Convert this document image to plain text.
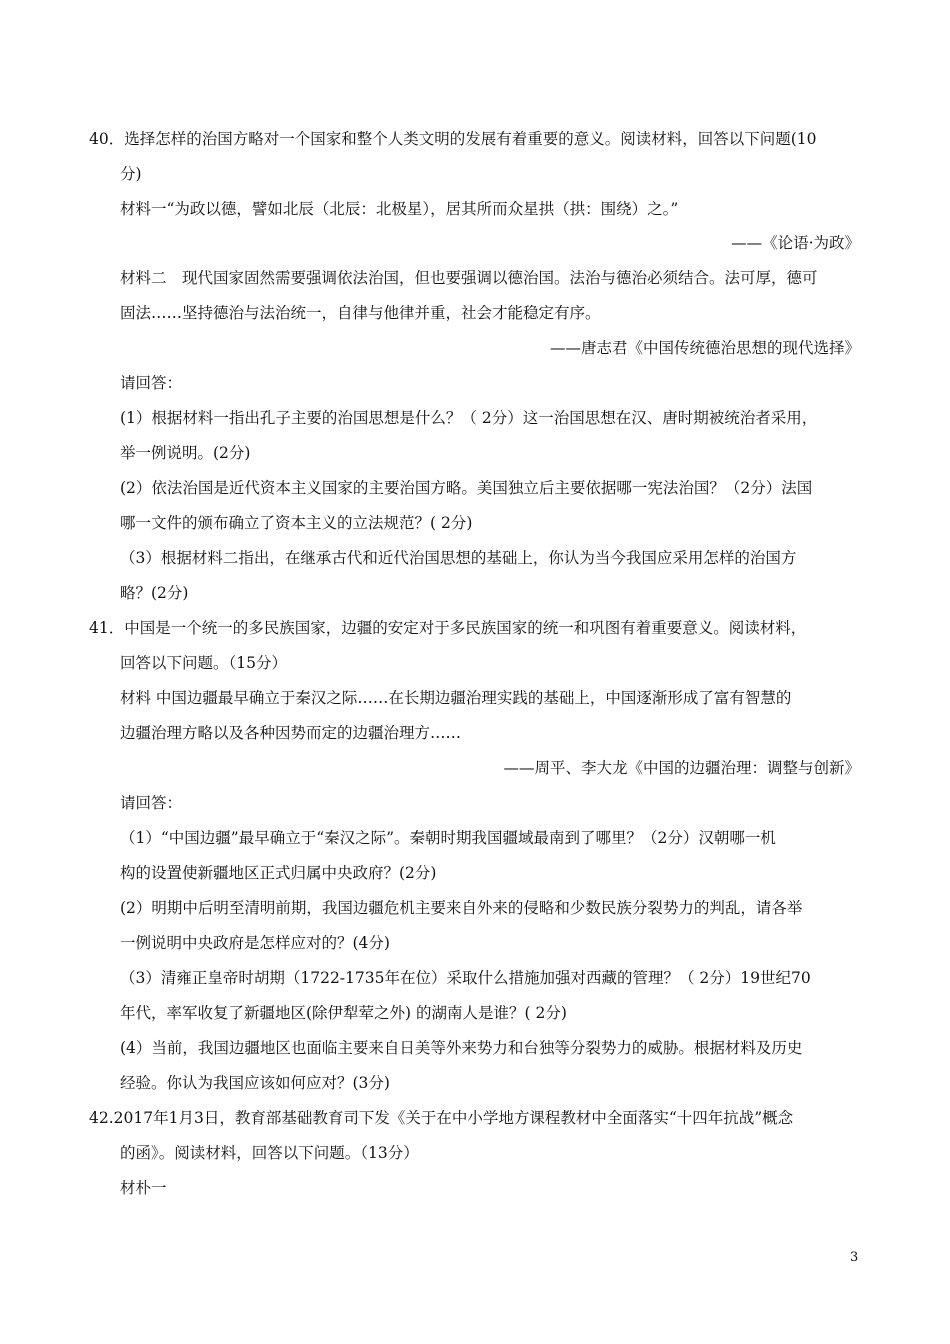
40．选择怎样的治国方略对一个国家和整个人类文明的发展有着重要的意义。阅读材料，回答以下问题(10
分)
材料一“为政以德，譬如北辰（北辰：北极星），居其所而众星拱（拱：围绕）之。”
——《论语·为政》
材料二　现代国家固然需要强调依法治国，但也要强调以德治国。法治与德治必须结合。法可厚，德可
固法……坚持德治与法治统一，自律与他律并重，社会才能稳定有序。
——唐志君《中国传统德治思想的现代选择》
请回答：
(1）根据材料一指出孔子主要的治国思想是什么？（ 2分）这一治国思想在汉、唐时期被统治者采用，
举一例说明。(2分)
(2）依法治国是近代资本主义国家的主要治国方略。美国独立后主要依据哪一宪法治国？（2分）法国
哪一文件的颁布确立了资本主义的立法规范？( 2分)
（3）根据材料二指出，在继承古代和近代治国思想的基础上，你认为当今我国应采用怎样的治国方
略？(2分)
41．中国是一个统一的多民族国家，边疆的安定对于多民族国家的统一和巩图有着重要意义。阅读材料，
回答以下问题。（15分）
材料 中国边疆最早确立于秦汉之际……在长期边疆治理实践的基础上，中国逐渐形成了富有智慧的
边疆治理方略以及各种因势而定的边疆治理方……
——周平、李大龙《中国的边疆治理：调整与创新》
请回答：
（1）“中国边疆”最早确立于“秦汉之际”。秦朝时期我国疆域最南到了哪里？（2分）汉朝哪一机
构的设置使新疆地区正式归属中央政府？(2分)
(2）明期中后明至清明前期，我国边疆危机主要来自外来的侵略和少数民族分裂势力的判乱，请各举
一例说明中央政府是怎样应对的？(4分)
（3）清雍正皇帝时胡期（1722-1735年在位）采取什么措施加强对西藏的管理？（ 2分）19世纪70
年代，率军收复了新疆地区(除伊犁荤之外) 的湖南人是谁？( 2分)
(4）当前，我国边疆地区也面临主要来自日美等外来势力和台独等分裂势力的威胁。根据材料及历史
经验。你认为我国应该如何应对？(3分)
42.2017年1月3日，教育部基础教育司下发《关于在中小学地方课程教材中全面落实“十四年抗战”概念
的函》。阅读材料，回答以下问题。（13分）
材朴一
3
